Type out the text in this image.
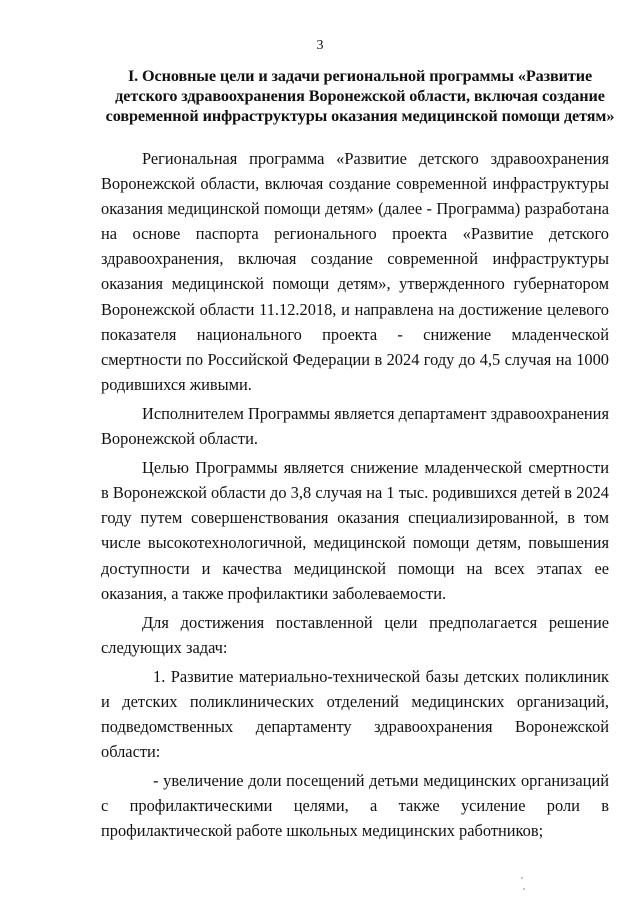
3
I. Основные цели и задачи региональной программы «Развитие детского здравоохранения Воронежской области, включая создание современной инфраструктуры оказания медицинской помощи детям»

Региональная программа «Развитие детского здравоохранения Воронежской области, включая создание современной инфраструктуры оказания медицинской помощи детям» (далее - Программа) разработана на основе паспорта регионального проекта «Развитие детского здравоохранения, включая создание современной инфраструктуры оказания медицинской помощи детям», утвержденного губернатором Воронежской области 11.12.2018, и направлена на достижение целевого показателя национального проекта - снижение младенческой смертности по Российской Федерации в 2024 году до 4,5 случая на 1000 родившихся живыми.

Исполнителем Программы является департамент здравоохранения Воронежской области.

Целью Программы является снижение младенческой смертности в Воронежской области до 3,8 случая на 1 тыс. родившихся детей в 2024 году путем совершенствования оказания специализированной, в том числе высокотехнологичной, медицинской помощи детям, повышения доступности и качества медицинской помощи на всех этапах ее оказания, а также профилактики заболеваемости.

Для достижения поставленной цели предполагается решение следующих задач:

1. Развитие материально-технической базы детских поликлиник и детских поликлинических отделений медицинских организаций, подведомственных департаменту здравоохранения Воронежской области:

- увеличение доли посещений детьми медицинских организаций с профилактическими целями, а также усиление роли в профилактической работе школьных медицинских работников;
